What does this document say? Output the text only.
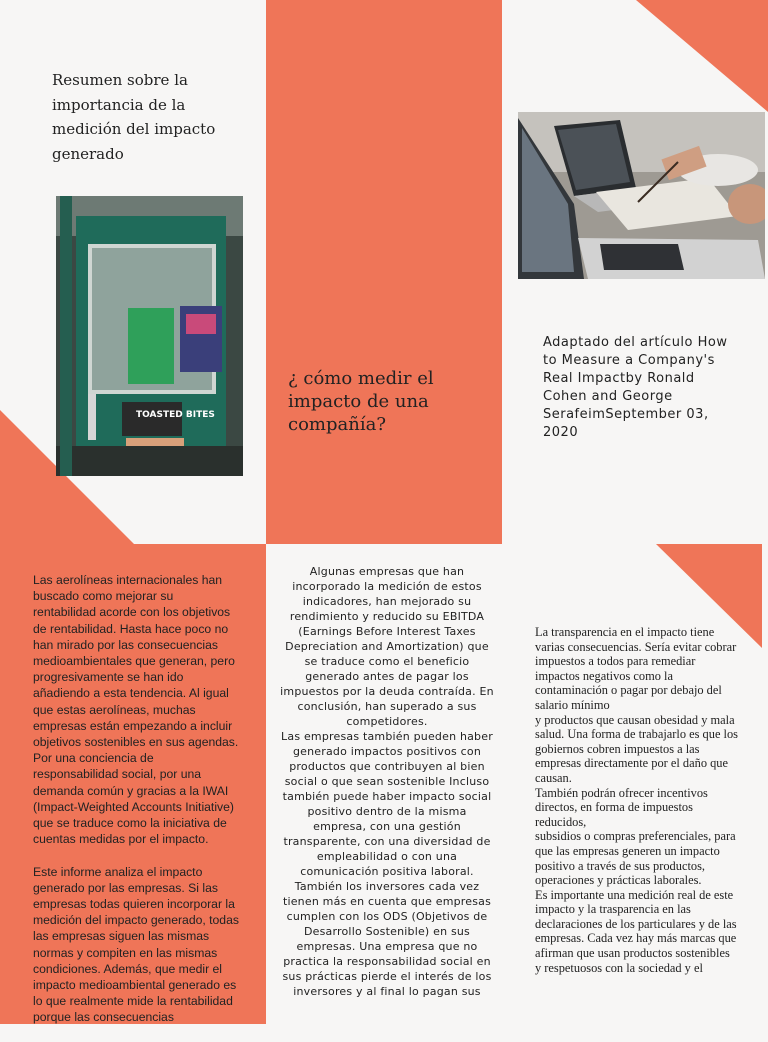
Resumen sobre la importancia de la medición del impacto generado
TOASTED BITES
¿ cómo medir el impacto de una compañía?
Adaptado del artículo How to Measure a Company's Real Impactby Ronald Cohen and George SerafeimSeptember 03, 2020

Las aerolíneas internacionales han buscado como mejorar su rentabilidad acorde con los objetivos de rentabilidad. Hasta hace poco no han mirado por las consecuencias medioambientales que generan, pero progresivamente se han ido añadiendo a esta tendencia. Al igual que estas aerolíneas, muchas empresas están empezando a incluir objetivos sostenibles en sus agendas. Por una conciencia de responsabilidad social, por una demanda común y gracias a la IWAI (Impact-Weighted Accounts Initiative) que se traduce como la iniciativa de cuentas medidas por el impacto.

Este informe analiza el impacto generado por las empresas. Si las empresas todas quieren incorporar la medición del impacto generado, todas las empresas siguen las mismas normas y compiten en las mismas condiciones. Además, que medir el impacto medioambiental generado es lo que realmente mide la rentabilidad porque las consecuencias

Algunas empresas que han incorporado la medición de estos indicadores, han mejorado su rendimiento y reducido su EBITDA (Earnings Before Interest Taxes Depreciation and Amortization) que se traduce como el beneficio generado antes de pagar los impuestos por la deuda contraída. En conclusión, han superado a sus competidores.

Las empresas también pueden haber generado impactos positivos con productos que contribuyen al bien social o que sean sostenible Incluso también puede haber impacto social positivo dentro de la misma empresa, con una gestión transparente, con una diversidad de empleabilidad o con una comunicación positiva laboral. También los inversores cada vez tienen más en cuenta que empresas cumplen con los ODS (Objetivos de Desarrollo Sostenible) en sus empresas. Una empresa que no practica la responsabilidad social en sus prácticas pierde el interés de los inversores y al final lo pagan sus

La transparencia en el impacto tiene varias consecuencias. Sería evitar cobrar impuestos a todos para remediar
impactos negativos como la contaminación o pagar por debajo del salario mínimo
y productos que causan obesidad y mala salud. Una forma de trabajarlo es que los
gobiernos cobren impuestos a las empresas directamente por el daño que causan.
También podrán ofrecer incentivos directos, en forma de impuestos reducidos,
subsidios o compras preferenciales, para que las empresas generen un impacto
positivo a través de sus productos, operaciones y prácticas laborales.
Es importante una medición real de este impacto y la trasparencia en las declaraciones de los particulares y de las empresas. Cada vez hay más marcas que afirman que usan productos sostenibles
y respetuosos con la sociedad y el
